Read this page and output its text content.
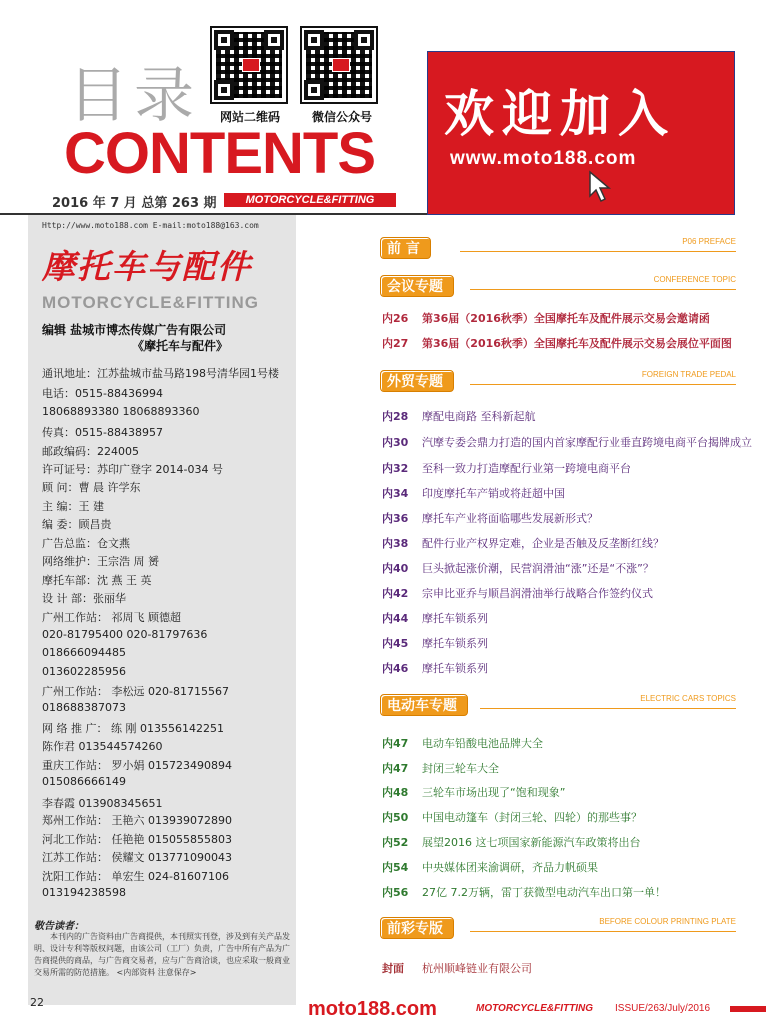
目录 网站二维码	微信公众号
CONTENTS
2016 年 7 月 总第 263 期	MOTORCYCLE&FITTING
欢迎加入
www.moto188.com
Http://www.moto188.com E-mail:moto188@163.com
摩托车与配件
MOTORCYCLE&FITTING
编辑 盐城市博杰传媒广告有限公司
《摩托车与配件》
通讯地址：江苏盐城市盐马路198号清华园1号楼
电话：0515-88436994
18068893380 18068893360
传真：0515-88438957
邮政编码：224005
许可证号：苏印广登字 2014-034 号
顾 问：曹 晨 许学东
主 编：王 建
编 委：顾昌贵
广告总监：仓文燕
网络维护：王宗浩 周 赟
摩托车部：沈 燕 王 英
设 计 部：张丽华
广州工作站： 祁周飞 顾德超
020-81795400 020-81797636
018666094485
013602285956
广州工作站： 李松远 020-81715567
018688387073
网 络 推 广： 练 刚 013556142251
陈作君 013544574260
重庆工作站： 罗小娟 015723490894
015086666149
李春霞 013908345651
郑州工作站： 王艳六 013939072890
河北工作站： 任艳艳 015055855803
江苏工作站： 侯耀文 013771090043
沈阳工作站： 单宏生 024-81607106
013194238598
敬告读者：
本刊内的广告资料由广告商提供，本刊照实刊登，涉及到有关产品发明、设计专利等版权问题，由该公司（工厂）负责，广告中所有产品为广告商提供的商品，与广告商交易者，应与广告商洽谈，也应采取一般商业交易所需的防范措施。 <内部资料 注意保存>
前 言	P06 PREFACE
会议专题	CONFERENCE TOPIC
内26 第36届（2016秋季）全国摩托车及配件展示交易会邀请函
内27 第36届（2016秋季）全国摩托车及配件展示交易会展位平面图
外贸专题	FOREIGN TRADE PEDAL
内28 摩配电商路 至科新起航
内30 汽摩专委会鼎力打造的国内首家摩配行业垂直跨境电商平台揭牌成立
内32 至科一致力打造摩配行业第一跨境电商平台
内34 印度摩托车产销或将赶超中国
内36 摩托车产业将面临哪些发展新形式？
内38 配件行业产权界定难，企业是否触及反垄断红线？
内40 巨头掀起涨价潮，民营润滑油“涨”还是“不涨”？
内42 宗申比亚乔与顺昌润滑油举行战略合作签约仪式
内44 摩托车锁系列
内45 摩托车锁系列
内46 摩托车锁系列
电动车专题	ELECTRIC CARS TOPICS
内47 电动车铅酸电池品牌大全
内47 封闭三轮车大全
内48 三轮车市场出现了“饱和现象”
内50 中国电动篷车（封闭三轮、四轮）的那些事？
内52 展望2016 这七项国家新能源汽车政策将出台
内54 中央媒体团来渝调研，齐品力帆硕果
内56 27亿 7.2万辆，雷丁获微型电动汽车出口第一单！
前彩专版	BEFORE COLOUR PRINTING PLATE
封面 杭州顺峰链业有限公司
22	moto188.com	MOTORCYCLE&FITTING ISSUE/263/July/2016
